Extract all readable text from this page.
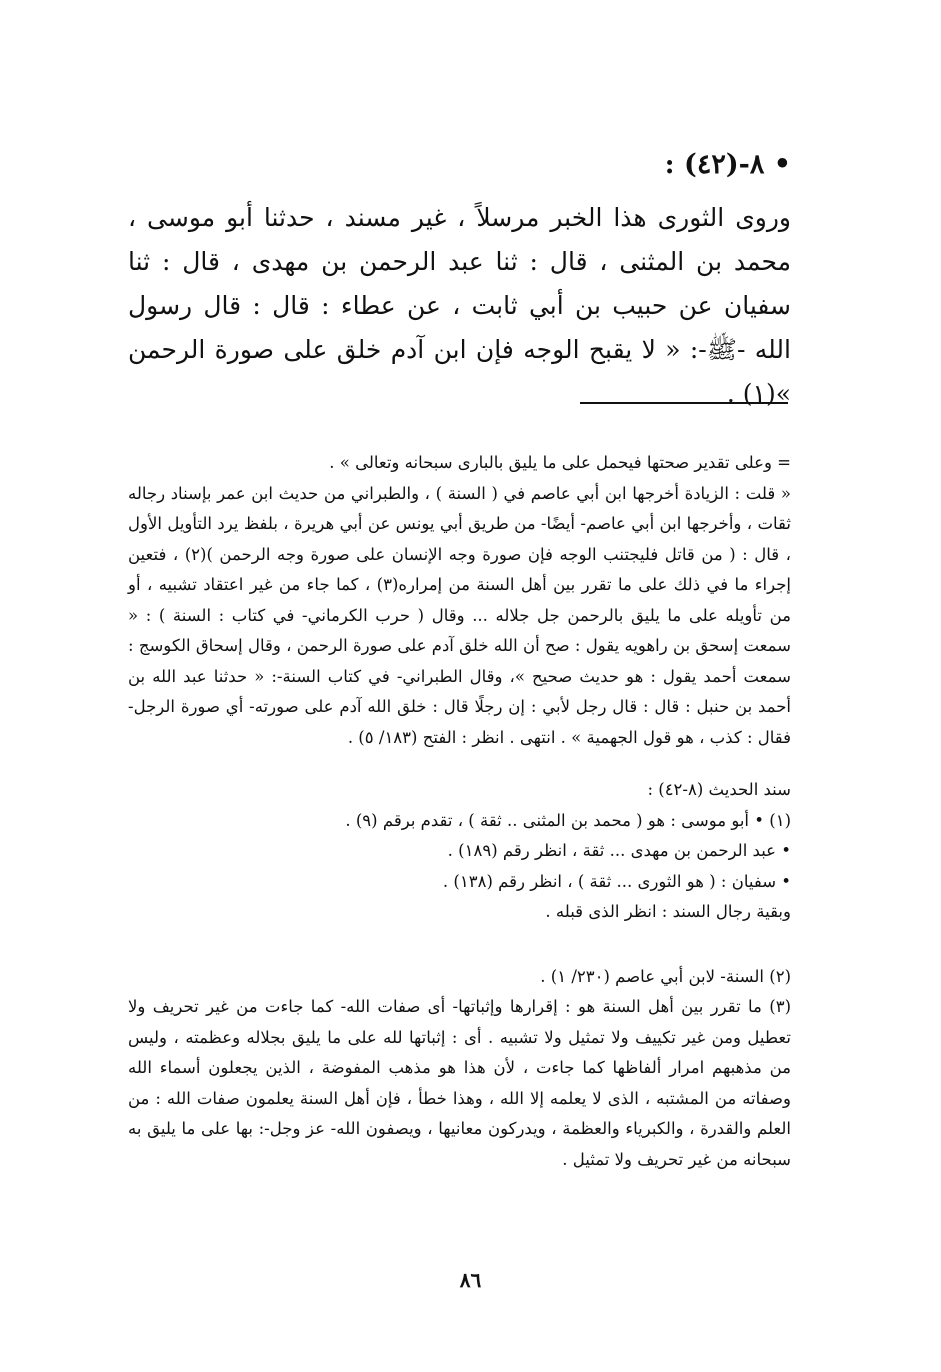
• ٨-(٤٢) :

وروى الثورى هذا الخبر مرسلاً ، غير مسند ، حدثنا أبو موسى ، محمد بن المثنى ، قال : ثنا عبد الرحمن بن مهدى ، قال : ثنا سفيان عن حبيب بن أبي ثابت ، عن عطاء : قال : قال رسول الله -ﷺ-: « لا يقبح الوجه فإن ابن آدم خلق على صورة الرحمن »(١) .

= وعلى تقدير صحتها فيحمل على ما يليق بالبارى سبحانه وتعالى » .

« قلت : الزيادة أخرجها ابن أبي عاصم في ( السنة ) ، والطبراني من حديث ابن عمر بإسناد رجاله ثقات ، وأخرجها ابن أبي عاصم- أيضًا- من طريق أبي يونس عن أبي هريرة ، بلفظ يرد التأويل الأول ، قال : ( من قاتل فليجتنب الوجه فإن صورة وجه الإنسان على صورة وجه الرحمن )(٢) ، فتعين إجراء ما في ذلك على ما تقرر بين أهل السنة من إمراره(٣) ، كما جاء من غير اعتقاد تشبيه ، أو من تأويله على ما يليق بالرحمن جل جلاله ... وقال ( حرب الكرماني- في كتاب : السنة ) : « سمعت إسحق بن راهويه يقول : صح أن الله خلق آدم على صورة الرحمن ، وقال إسحاق الكوسج : سمعت أحمد يقول : هو حديث صحيح »، وقال الطبراني- في كتاب السنة-: « حدثنا عبد الله بن أحمد بن حنبل : قال : قال رجل لأبي : إن رجلًا قال : خلق الله آدم على صورته- أي صورة الرجل- فقال : كذب ، هو قول الجهمية » . انتهى . انظر : الفتح (١٨٣/ ٥) .

سند الحديث (٨-٤٢) :

(١) • أبو موسى : هو ( محمد بن المثنى .. ثقة ) ، تقدم برقم (٩) .

• عبد الرحمن بن مهدى ... ثقة ، انظر رقم (١٨٩) .

• سفيان : ( هو الثورى ... ثقة ) ، انظر رقم (١٣٨) .

وبقية رجال السند : انظر الذى قبله .

(٢) السنة- لابن أبي عاصم (٢٣٠/ ١) .

(٣) ما تقرر بين أهل السنة هو : إقرارها وإثباتها- أى صفات الله- كما جاءت من غير تحريف ولا تعطيل ومن غير تكييف ولا تمثيل ولا تشبيه . أى : إثباتها لله على ما يليق بجلاله وعظمته ، وليس من مذهبهم امرار ألفاظها كما جاءت ، لأن هذا هو مذهب المفوضة ، الذين يجعلون أسماء الله وصفاته من المشتبه ، الذى لا يعلمه إلا الله ، وهذا خطأ ، فإن أهل السنة يعلمون صفات الله : من العلم والقدرة ، والكبرياء والعظمة ، ويدركون معانيها ، ويصفون الله- عز وجل-: بها على ما يليق به سبحانه من غير تحريف ولا تمثيل .

٨٦
